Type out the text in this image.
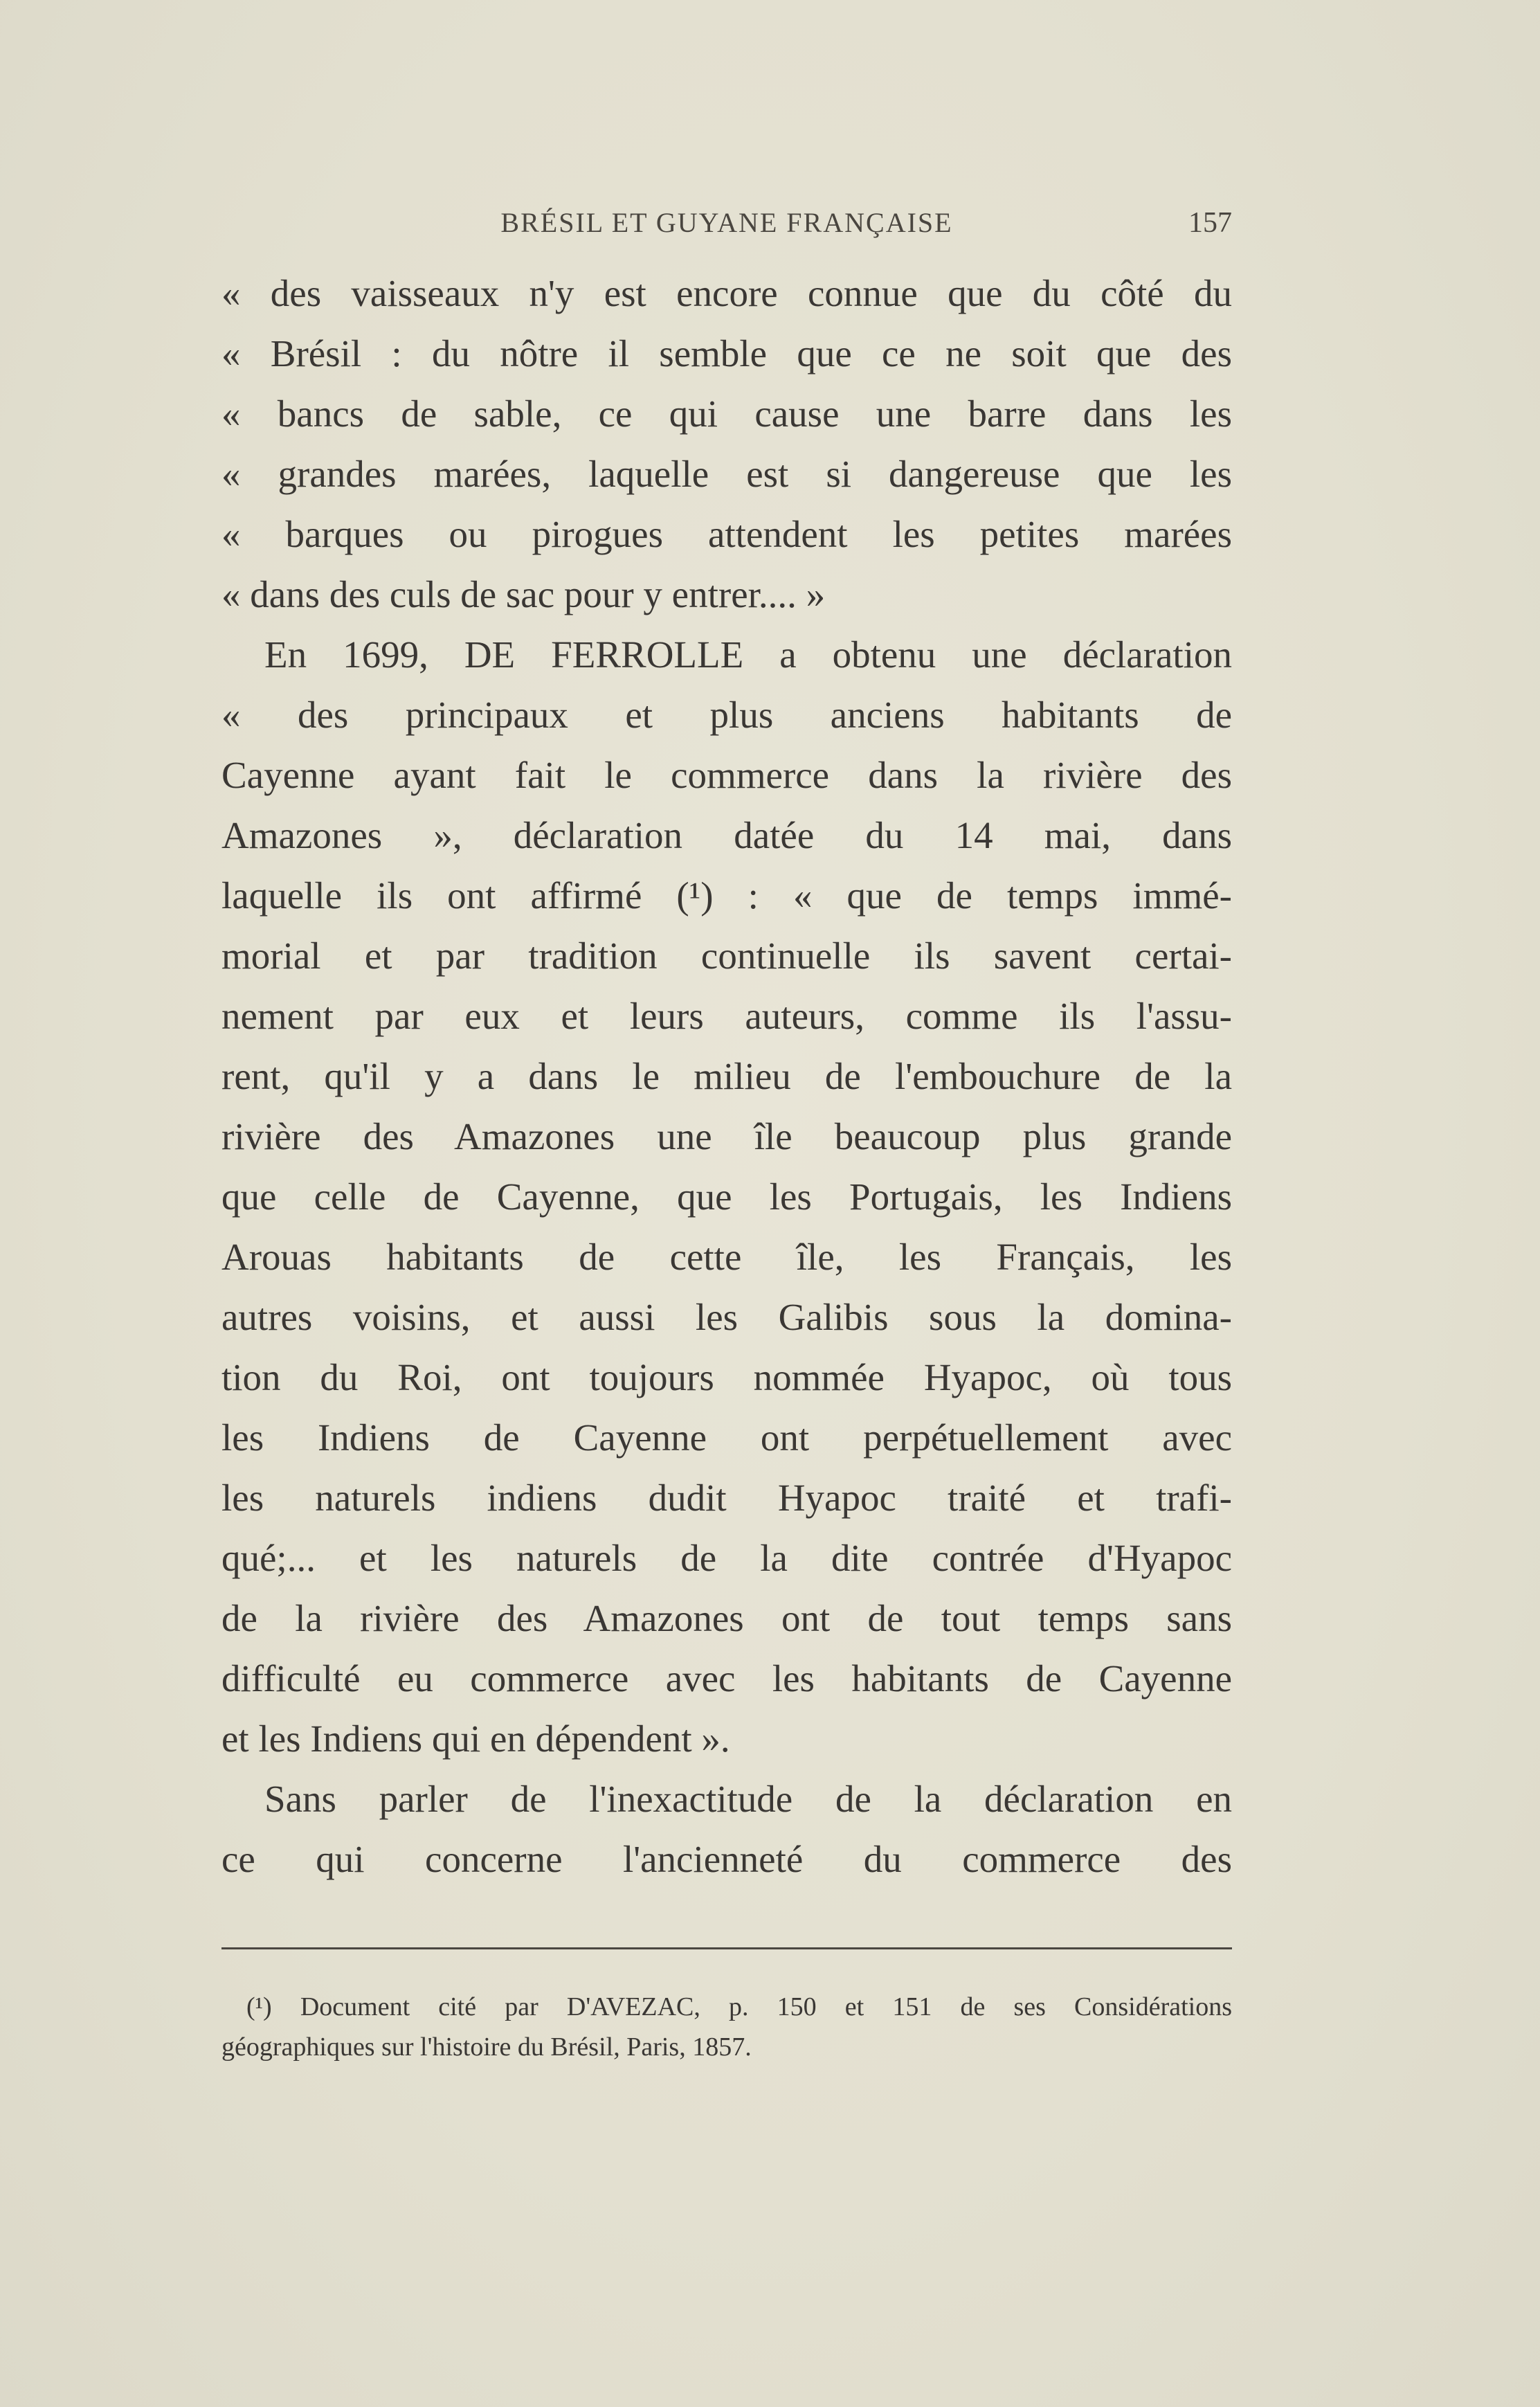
BRÉSIL ET GUYANE FRANÇAISE	157
« des vaisseaux n'y est encore connue que du côté du
« Brésil : du nôtre il semble que ce ne soit que des
« bancs de sable, ce qui cause une barre dans les
« grandes marées, laquelle est si dangereuse que les
« barques ou pirogues attendent les petites marées
« dans des culs de sac pour y entrer.... »
En 1699, DE FERROLLE a obtenu une déclaration
« des principaux et plus anciens habitants de
Cayenne ayant fait le commerce dans la rivière des
Amazones », déclaration datée du 14 mai, dans
laquelle ils ont affirmé (¹) : « que de temps immé-
morial et par tradition continuelle ils savent certai-
nement par eux et leurs auteurs, comme ils l'assu-
rent, qu'il y a dans le milieu de l'embouchure de la
rivière des Amazones une île beaucoup plus grande
que celle de Cayenne, que les Portugais, les Indiens
Arouas habitants de cette île, les Français, les
autres voisins, et aussi les Galibis sous la domina-
tion du Roi, ont toujours nommée Hyapoc, où tous
les Indiens de Cayenne ont perpétuellement avec
les naturels indiens dudit Hyapoc traité et trafi-
qué;... et les naturels de la dite contrée d'Hyapoc
de la rivière des Amazones ont de tout temps sans
difficulté eu commerce avec les habitants de Cayenne
et les Indiens qui en dépendent ».
Sans parler de l'inexactitude de la déclaration en
ce qui concerne l'ancienneté du commerce des
(¹) Document cité par D'AVEZAC, p. 150 et 151 de ses Considérations
géographiques sur l'histoire du Brésil, Paris, 1857.
